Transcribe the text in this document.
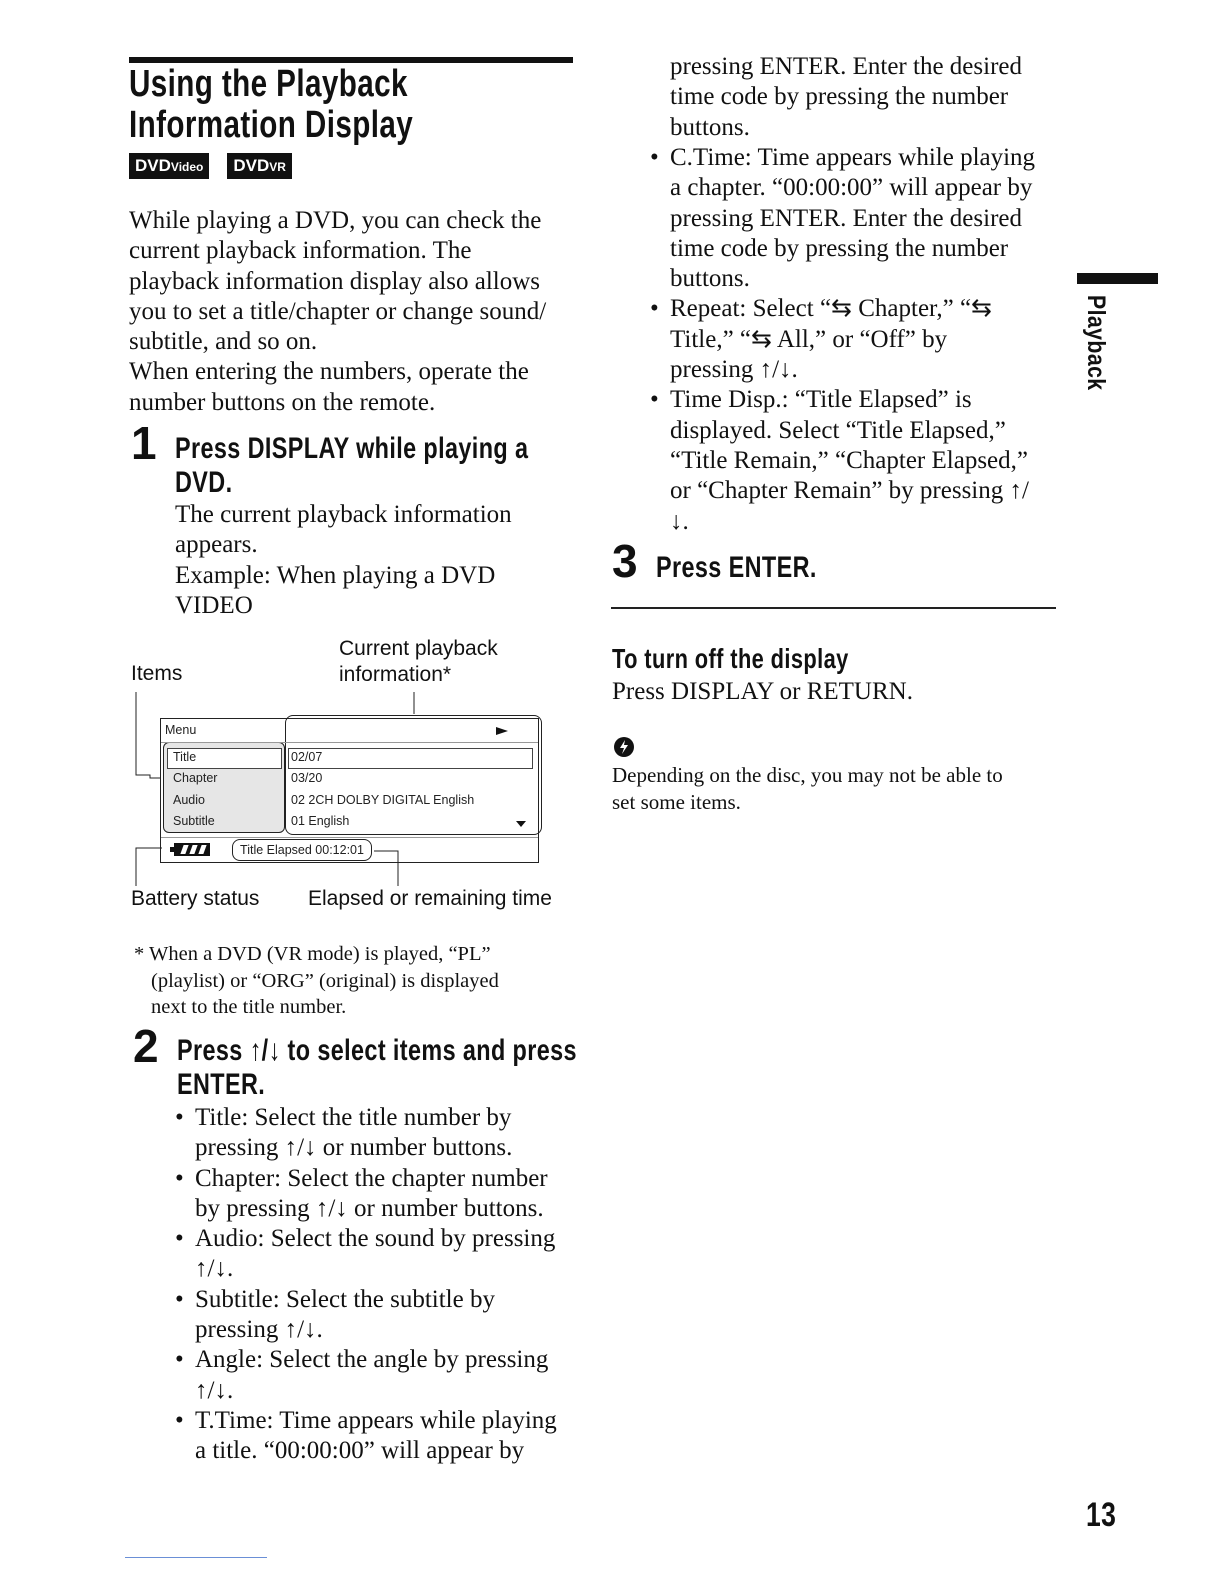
Using the Playback
Information Display
DVDVideo DVDVR
While playing a DVD, you can check the
current playback information. The
playback information display also allows
you to set a title/chapter or change sound/
subtitle, and so on.
When entering the numbers, operate the
number buttons on the remote.
1 Press DISPLAY while playing a
DVD.
The current playback information
appears.
Example: When playing a DVD
VIDEO
Items
Current playback
information*
Menu
Title
Chapter
Audio
Subtitle
02/07
03/20
02 2CH DOLBY DIGITAL English
01 English
Title Elapsed 00:12:01
Battery status Elapsed or remaining time
* When a DVD (VR mode) is played, “PL”
(playlist) or “ORG” (original) is displayed
next to the title number.
2 Press ↑/↓ to select items and press
ENTER.
• Title: Select the title number by
pressing ↑/↓ or number buttons.
• Chapter: Select the chapter number
by pressing ↑/↓ or number buttons.
• Audio: Select the sound by pressing
↑/↓.
• Subtitle: Select the subtitle by
pressing ↑/↓.
• Angle: Select the angle by pressing
↑/↓.
• T.Time: Time appears while playing
a title. “00:00:00” will appear by
pressing ENTER. Enter the desired
time code by pressing the number
buttons.
• C.Time: Time appears while playing
a chapter. “00:00:00” will appear by
pressing ENTER. Enter the desired
time code by pressing the number
buttons.
• Repeat: Select “⇆ Chapter,” “⇆
Title,” “⇆ All,” or “Off” by
pressing ↑/↓.
• Time Disp.: “Title Elapsed” is
displayed. Select “Title Elapsed,”
“Title Remain,” “Chapter Elapsed,”
or “Chapter Remain” by pressing ↑/
↓.
3 Press ENTER.
To turn off the display
Press DISPLAY or RETURN.
Depending on the disc, you may not be able to
set some items.
Playback
13
